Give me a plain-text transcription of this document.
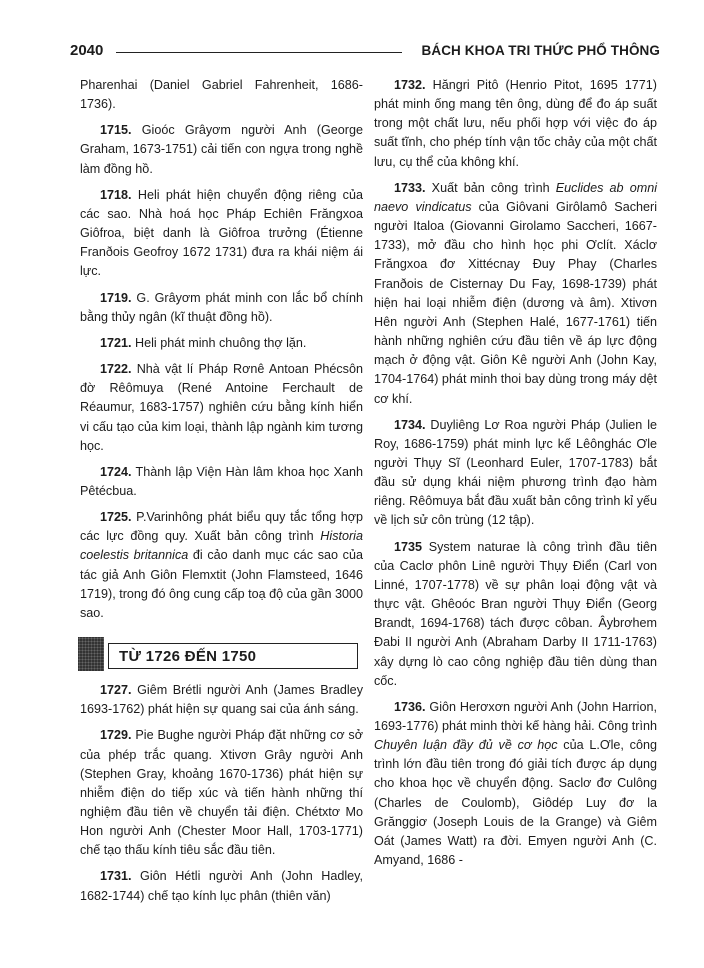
2040	BÁCH KHOA TRI THỨC PHỔ THÔNG

Pharenhai (Daniel Gabriel Fahrenheit, 1686-1736).

1715. Gioóc Grâyơm người Anh (George Graham, 1673-1751) cải tiến con ngựa trong nghề làm đồng hồ.

1718. Heli phát hiện chuyển động riêng của các sao. Nhà hoá học Pháp Echiên Frăngxoa Giôfroa, biệt danh là Giôfroa trưởng (Étienne Franðois Geofroy 1672 1731) đưa ra khái niệm ái lực.

1719. G. Grâyơm phát minh con lắc bổ chính bằng thủy ngân (kĩ thuật đồng hồ).

1721. Heli phát minh chuông thợ lặn.

1722. Nhà vật lí Pháp Rơnê Antoan Phécsôn đờ Rêômuya (René Antoine Ferchault de Réaumur, 1683-1757) nghiên cứu bằng kính hiển vi cấu tạo của kim loại, thành lập ngành kim tương học.

1724. Thành lập Viện Hàn lâm khoa học Xanh Pêtécbua.

1725. P.Varinhông phát biểu quy tắc tổng hợp các lực đồng quy. Xuất bản công trình Historia coelestis britannica đi cảo danh mục các sao của tác giả Anh Giôn Flemxtit (John Flamsteed, 1646 1719), trong đó ông cung cấp toạ độ của gần 3000 sao.

TỪ 1726 ĐẾN 1750

1727. Giêm Brétli người Anh (James Bradley 1693-1762) phát hiện sự quang sai của ánh sáng.

1729. Pie Bughe người Pháp đặt những cơ sở của phép trắc quang. Xtivơn Grây người Anh (Stephen Gray, khoảng 1670-1736) phát hiện sự nhiễm điện do tiếp xúc và tiến hành những thí nghiệm đầu tiên về chuyển tải điện. Chétxtơ Mo Hon người Anh (Chester Moor Hall, 1703-1771) chế tạo thấu kính tiêu sắc đầu tiên.

1731. Giôn Hétli người Anh (John Hadley, 1682-1744) chế tạo kính lục phân (thiên văn)

1732. Hăngri Pitô (Henrio Pitot, 1695 1771) phát minh ống mang tên ông, dùng để đo áp suất trong một chất lưu, nếu phối hợp với việc đo áp suất tĩnh, cho phép tính vận tốc chảy của một chất lưu, cụ thể của không khí.

1733. Xuất bản công trình Euclides ab omni naevo vindicatus của Giôvani Girôlamô Sacheri người Italoa (Giovanni Girolamo Saccheri, 1667-1733), mở đầu cho hình học phi Ơclít. Xáclơ Frăngxoa đơ Xittécnay Đuy Phay (Charles Franðois de Cisternay Du Fay, 1698-1739) phát hiện hai loại nhiễm điện (dương và âm). Xtivơn Hên người Anh (Stephen Halé, 1677-1761) tiến hành những nghiên cứu đầu tiên về áp lực động mạch ở động vật. Giôn Kê người Anh (John Kay, 1704-1764) phát minh thoi bay dùng trong máy dệt cơ khí.

1734. Duyliêng Lơ Roa người Pháp (Julien le Roy, 1686-1759) phát minh lực kế Lêônghác Ơle người Thụy Sĩ (Leonhard Euler, 1707-1783) bắt đầu sử dụng khái niệm phương trình đạo hàm riêng. Rêômuya bắt đầu xuất bản công trình kỉ yếu về lịch sử côn trùng (12 tập).

1735 System naturae là công trình đầu tiên của Caclơ phôn Linê người Thụy Điển (Carl von Linné, 1707-1778) về sự phân loại động vật và thực vật. Ghêoóc Bran người Thụy Điển (Georg Brandt, 1694-1768) tách được côban. Âybrơhem Đabi II người Anh (Abraham Darby II 1711-1763) xây dựng lò cao công nghiệp đầu tiên dùng than cốc.

1736. Giôn Herơxơn người Anh (John Harrion, 1693-1776) phát minh thời kế hàng hải. Công trình Chuyên luận đầy đủ về cơ học của L.Ơle, công trình lớn đầu tiên trong đó giải tích được áp dụng cho khoa học về chuyển động. Saclơ đơ Culông (Charles de Coulomb), Giôdép Luy đơ la Grănggiơ (Joseph Louis de la Grange) và Giêm Oát (James Watt) ra đời. Emyen người Anh (C. Amyand, 1686 -
